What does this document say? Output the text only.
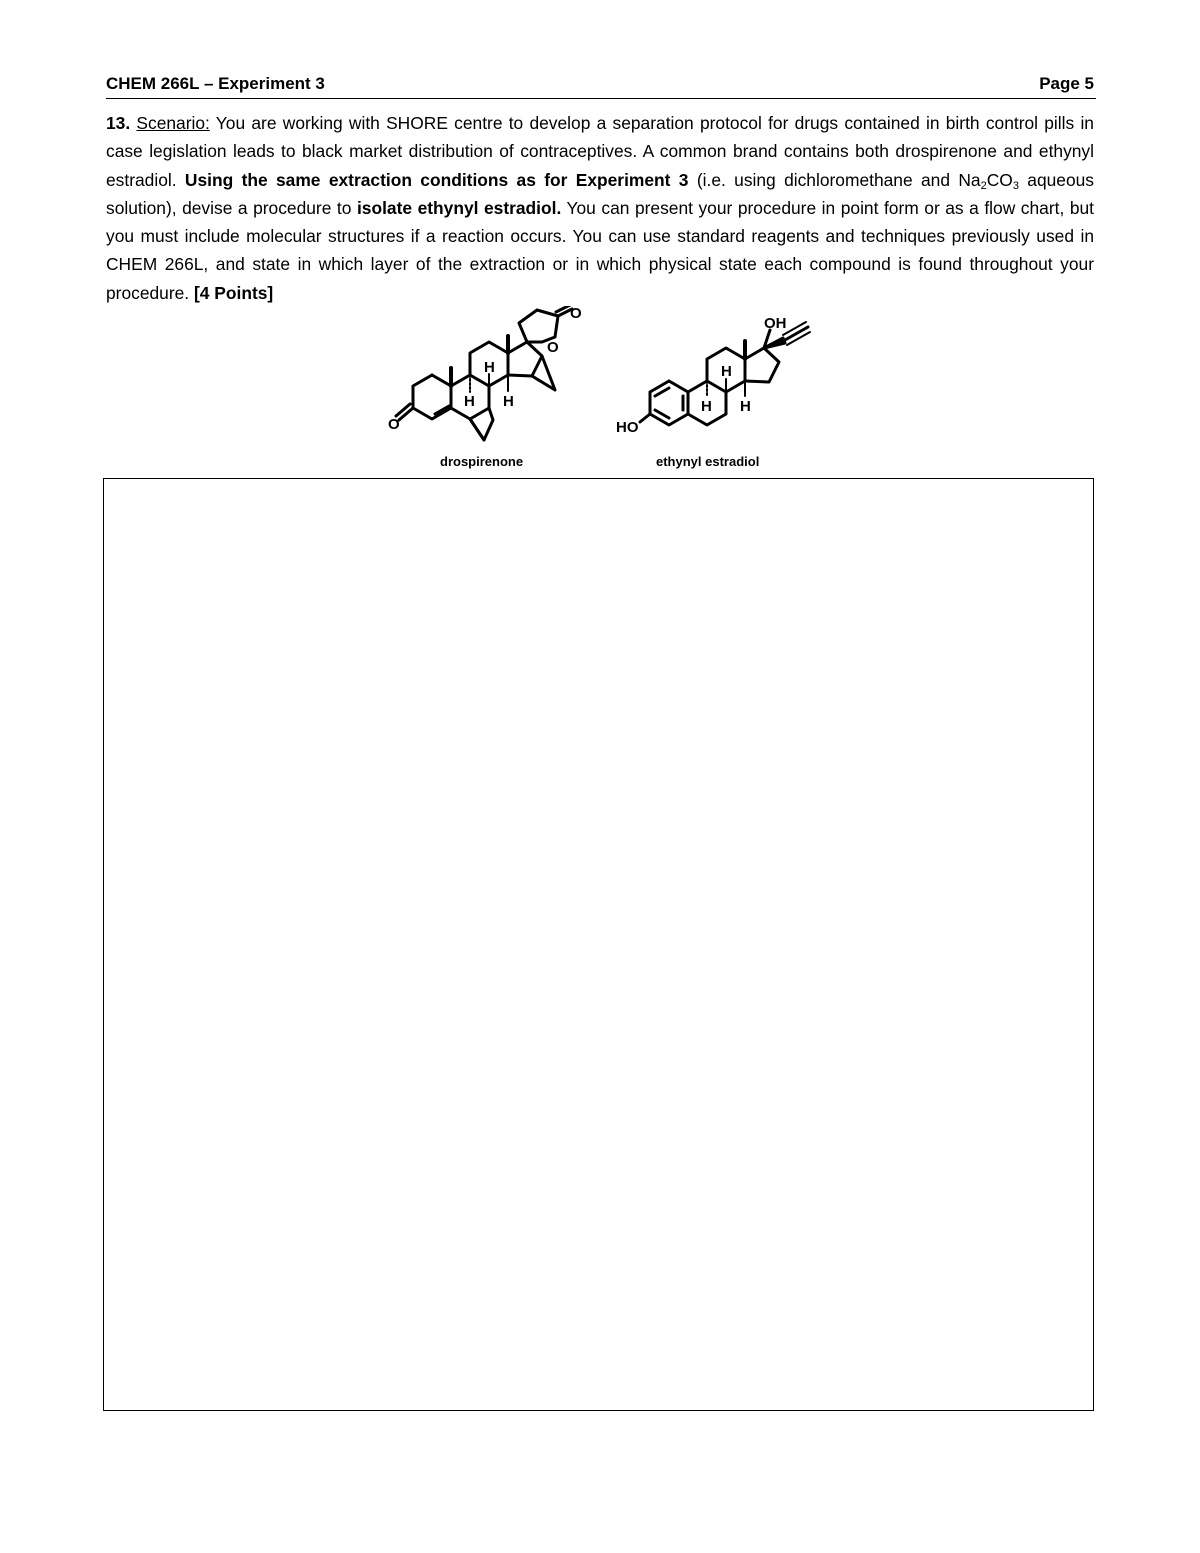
CHEM 266L – Experiment 3	Page 5
13. Scenario: You are working with SHORE centre to develop a separation protocol for drugs contained in birth control pills in case legislation leads to black market distribution of contraceptives. A common brand contains both drospirenone and ethynyl estradiol. Using the same extraction conditions as for Experiment 3 (i.e. using dichloromethane and $Na_2CO_3$ aqueous solution), devise a procedure to isolate ethynyl estradiol. You can present your procedure in point form or as a flow chart, but you must include molecular structures if a reaction occurs. You can use standard reagents and techniques previously used in CHEM 266L, and state in which layer of the extraction or in which physical state each compound is found throughout your procedure. [4 Points]
O
O
O
H
H H
drospirenone
HO
OH
H
H H
ethynyl estradiol
